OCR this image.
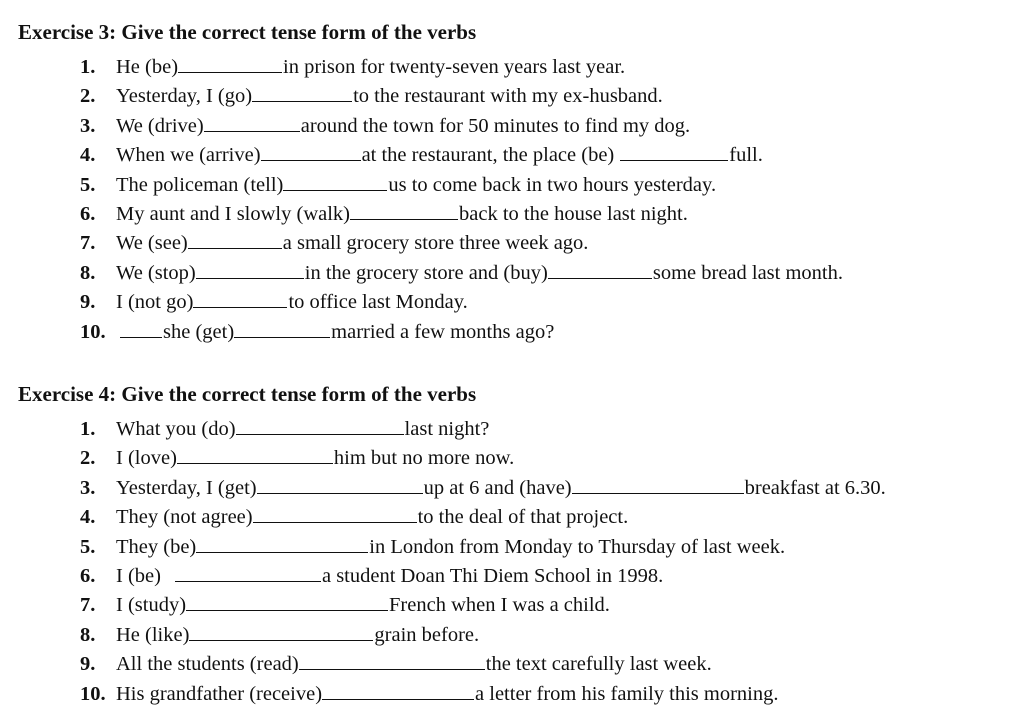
Exercise 3: Give the correct tense form of the verbs
1. He (be)	in prison for twenty-seven years last year.
2. Yesterday, I (go)	to the restaurant with my ex-husband.
3. We (drive)	around the town for 50 minutes to find my dog.
4. When we (arrive)	at the restaurant, the place (be)	full.
5. The policeman (tell)	us to come back in two hours yesterday.
6. My aunt and I slowly (walk)	back to the house last night.
7. We (see)	a small grocery store three week ago.
8. We (stop)	in the grocery store and (buy)	some bread last month.
9. I (not go)	to office last Monday.
10.	she (get)	married a few months ago?
Exercise 4: Give the correct tense form of the verbs
1. What you (do)	last night?
2. I (love)	him but no more now.
3. Yesterday, I (get)	up at 6 and (have)	breakfast at 6.30.
4. They (not agree)	to the deal of that project.
5. They (be)	in London from Monday to Thursday of last week.
6. I (be)	a student Doan Thi Diem School in 1998.
7. I (study)	French when I was a child.
8. He (like)	grain before.
9. All the students (read)	the text carefully last week.
10. His grandfather (receive)	a letter from his family this morning.
